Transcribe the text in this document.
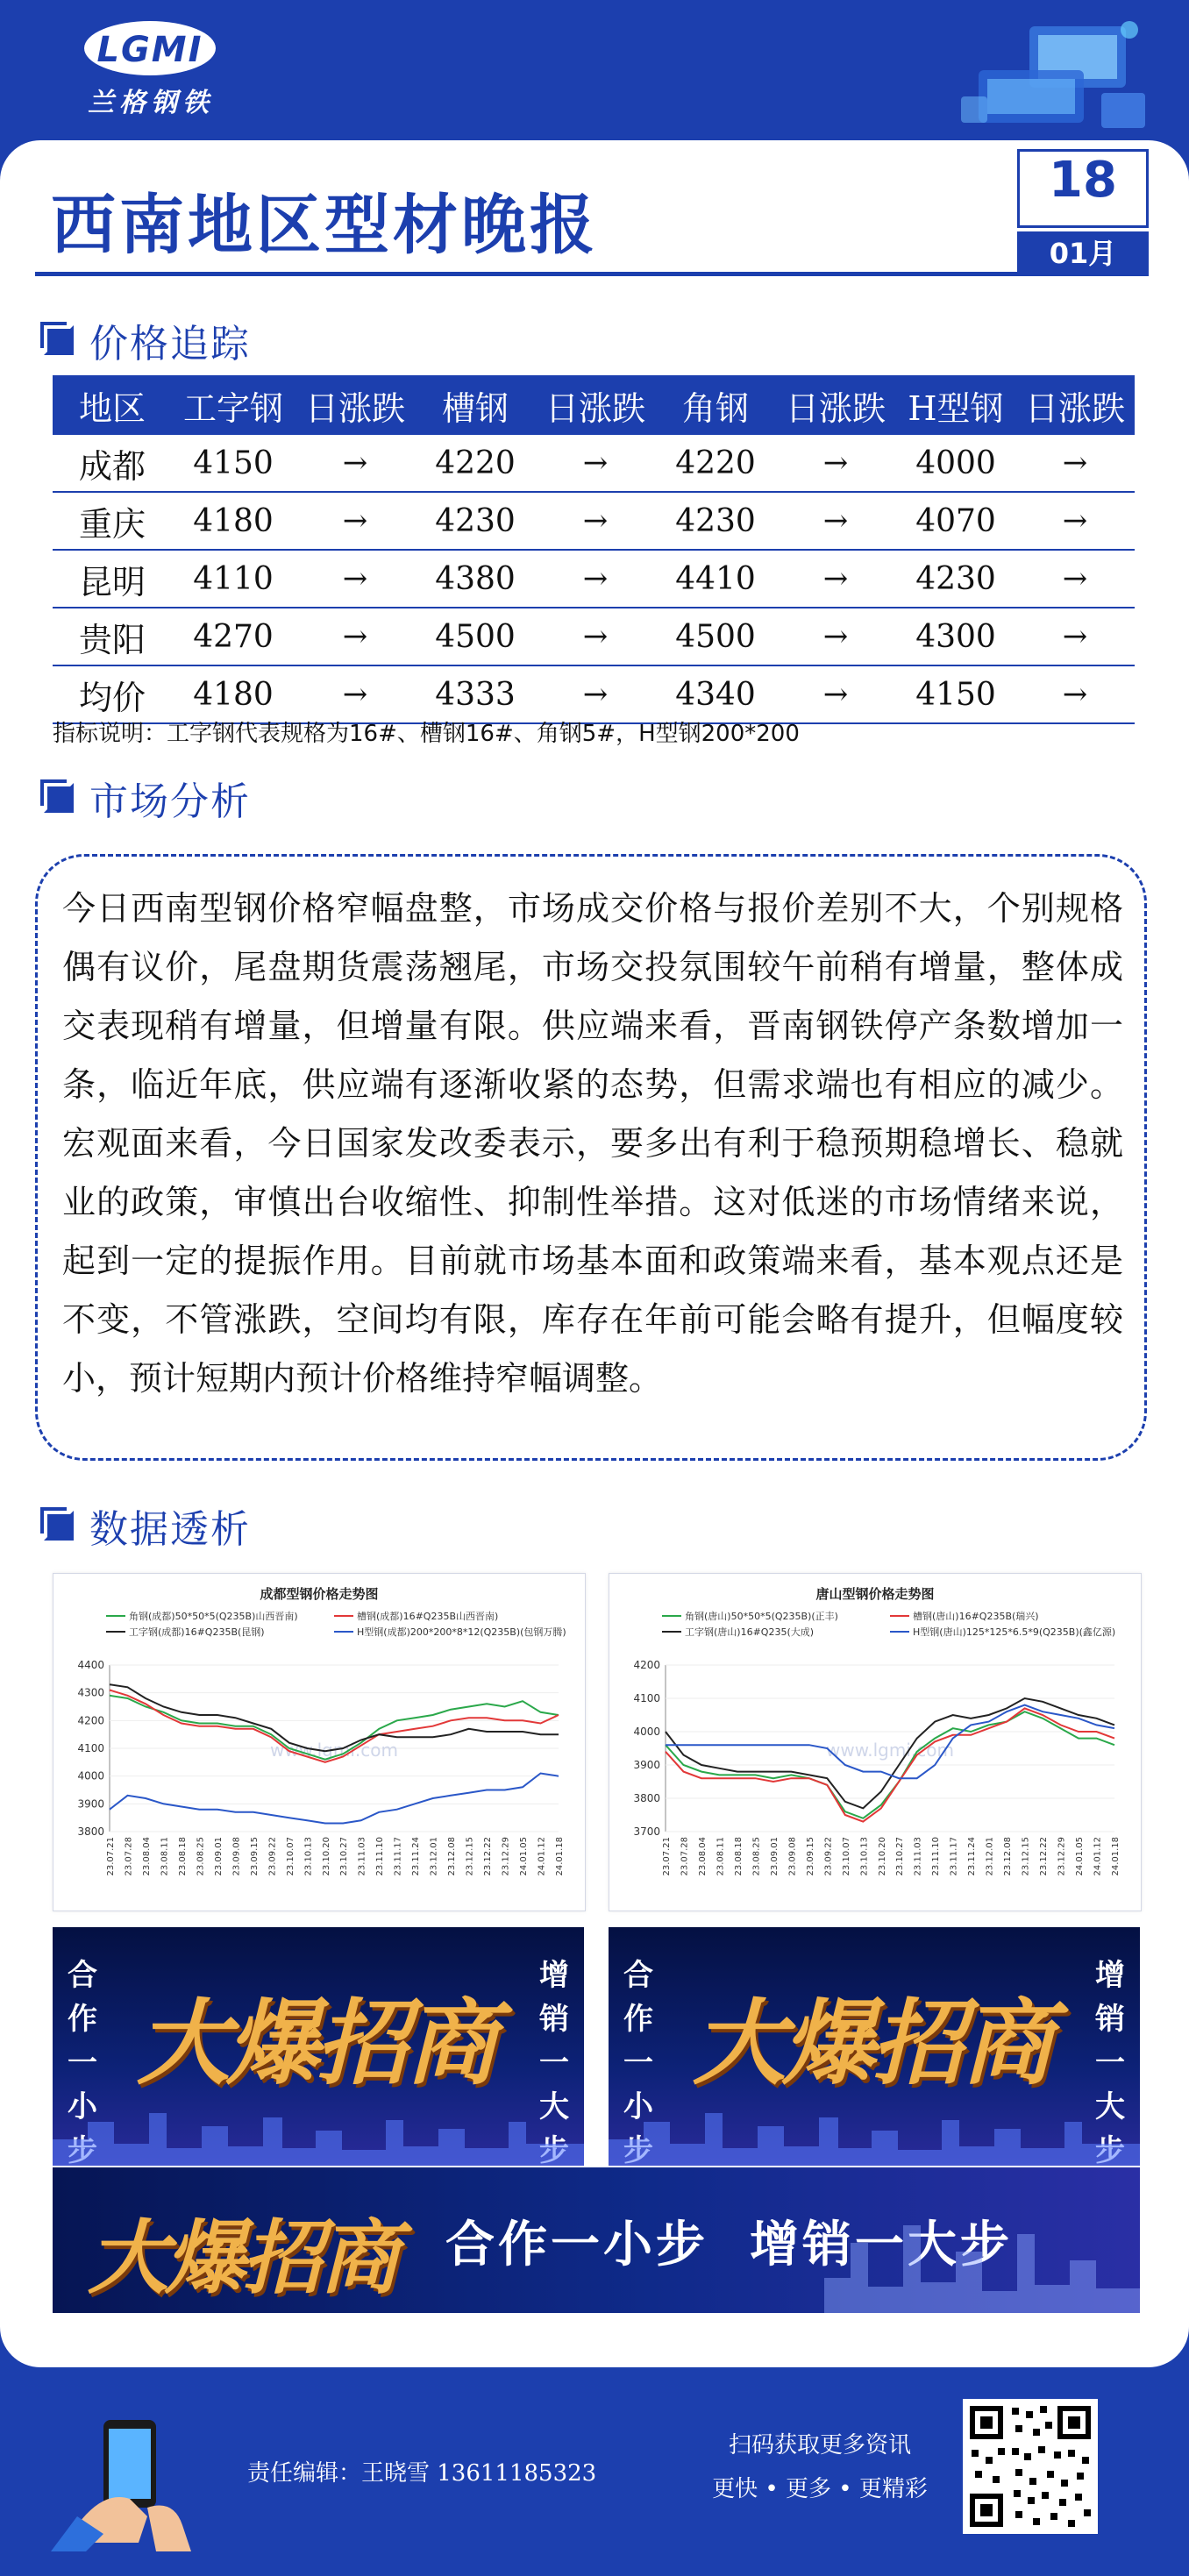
LGMI
兰格钢铁
西南地区型材晚报
18
01月
价格追踪
地区	工字钢	日涨跌	槽钢	日涨跌	角钢	日涨跌	H型钢	日涨跌
成都	4150	→	4220	→	4220	→	4000	→
重庆	4180	→	4230	→	4230	→	4070	→
昆明	4110	→	4380	→	4410	→	4230	→
贵阳	4270	→	4500	→	4500	→	4300	→
均价	4180	→	4333	→	4340	→	4150	→
指标说明：工字钢代表规格为16#、槽钢16#、角钢5#，H型钢200*200
市场分析

今日西南型钢价格窄幅盘整，市场成交价格与报价差别不大，个别规格偶有议价，尾盘期货震荡翘尾，市场交投氛围较午前稍有增量，整体成交表现稍有增量，但增量有限。供应端来看，晋南钢铁停产条数增加一条，临近年底，供应端有逐渐收紧的态势，但需求端也有相应的减少。宏观面来看，今日国家发改委表示，要多出有利于稳预期稳增长、稳就业的政策，审慎出台收缩性、抑制性举措。这对低迷的市场情绪来说，起到一定的提振作用。目前就市场基本面和政策端来看，基本观点还是不变，不管涨跌，空间均有限，库存在年前可能会略有提升，但幅度较小，预计短期内预计价格维持窄幅调整。

数据透析
成都型钢价格走势图
角钢(成都)50*50*5(Q235B)山西晋南)	槽钢(成都)16#Q235B山西晋南)
工字钢(成都)16#Q235B(昆钢)	H型钢(成都)200*200*8*12(Q235B)(包钢万腾)
3800
3900
4000
4100
4200
4300
4400
23.07.21 23.07.28 23.08.04 23.08.11 23.08.18 23.08.25 23.09.01 23.09.08 23.09.15 23.09.22 23.10.07 23.10.13 23.10.20 23.10.27 23.11.03 23.11.10 23.11.17 23.11.24 23.12.01 23.12.08 23.12.15 23.12.22 23.12.29 24.01.05 24.01.12 24.01.18
www.lgmi.com
唐山型钢价格走势图
角钢(唐山)50*50*5(Q235B)(正丰)	槽钢(唐山)16#Q235B(瑞兴)
工字钢(唐山)16#Q235(大成)	H型钢(唐山)125*125*6.5*9(Q235B)(鑫亿源)
3700
3800
3900
4000
4100
4200
23.07.21 23.07.28 23.08.04 23.08.11 23.08.18 23.08.25 23.09.01 23.09.08 23.09.15 23.09.22 23.10.07 23.10.13 23.10.20 23.10.27 23.11.03 23.11.10 23.11.17 23.11.24 23.12.01 23.12.08 23.12.15 23.12.22 23.12.29 24.01.05 24.01.12 24.01.18
www.lgmi.com
合
作
一
小

大爆招商
增
销
一
大

合
作
一
小

大爆招商
增
销
一
大

大爆招商 合作一小步  增销一大步
责任编辑：王晓雪 13611185323
扫码获取更多资讯
更快 • 更多 • 更精彩
